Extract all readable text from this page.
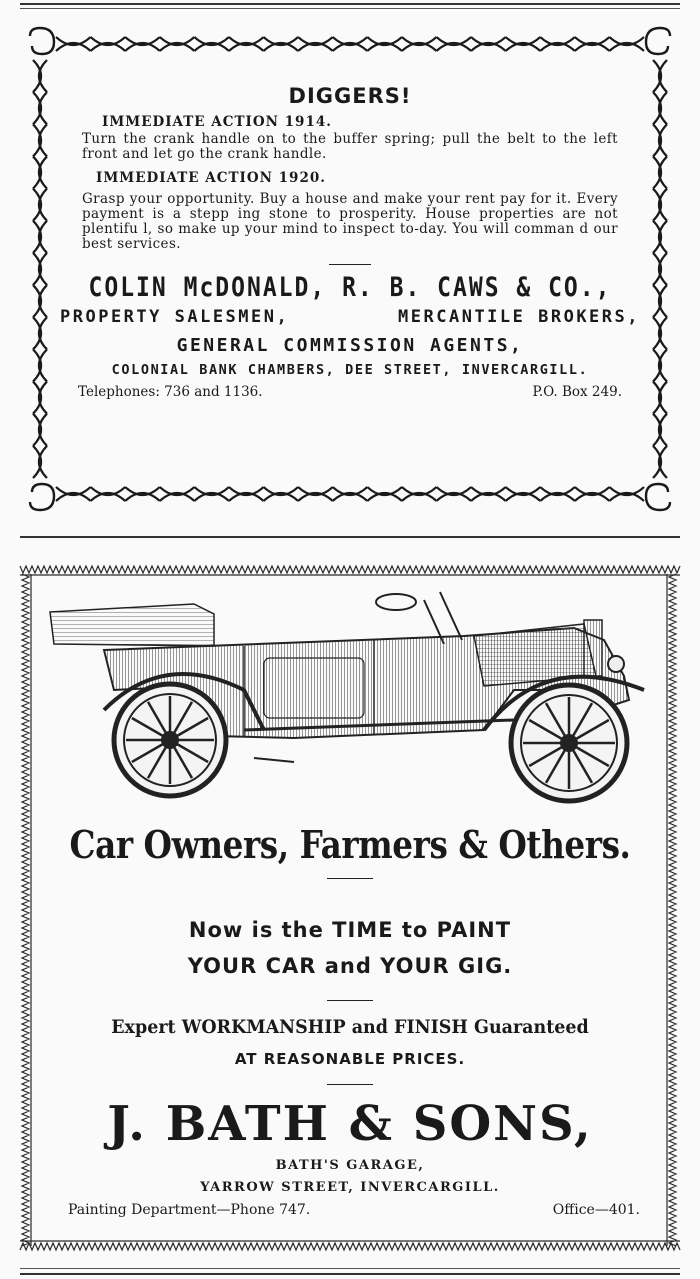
DIGGERS!
IMMEDIATE ACTION 1914.

Turn the crank handle on to the buffer spring; pull the belt to the left front and let go the crank handle.

IMMEDIATE ACTION 1920.

Grasp your opportunity. Buy a house and make your rent pay for it. Every payment is a stepp ing stone to prosperity. House properties are not plentifu l, so make up your mind to inspect to-day. You will comman d our best services.

COLIN McDONALD, R. B. CAWS & CO.,
PROPERTY SALESMEN,	MERCANTILE BROKERS,
GENERAL COMMISSION AGENTS,
COLONIAL BANK CHAMBERS, DEE STREET, INVERCARGILL.
Telephones: 736 and 1136.	P.O. Box 249.
Car Owners, Farmers & Others.
Now is the TIME to PAINT
YOUR CAR and YOUR GIG.
Expert WORKMANSHIP and FINISH Guaranteed
AT REASONABLE PRICES.
J. BATH & SONS,
BATH'S GARAGE,
YARROW STREET, INVERCARGILL.
Painting Department—Phone 747.	Office—401.
